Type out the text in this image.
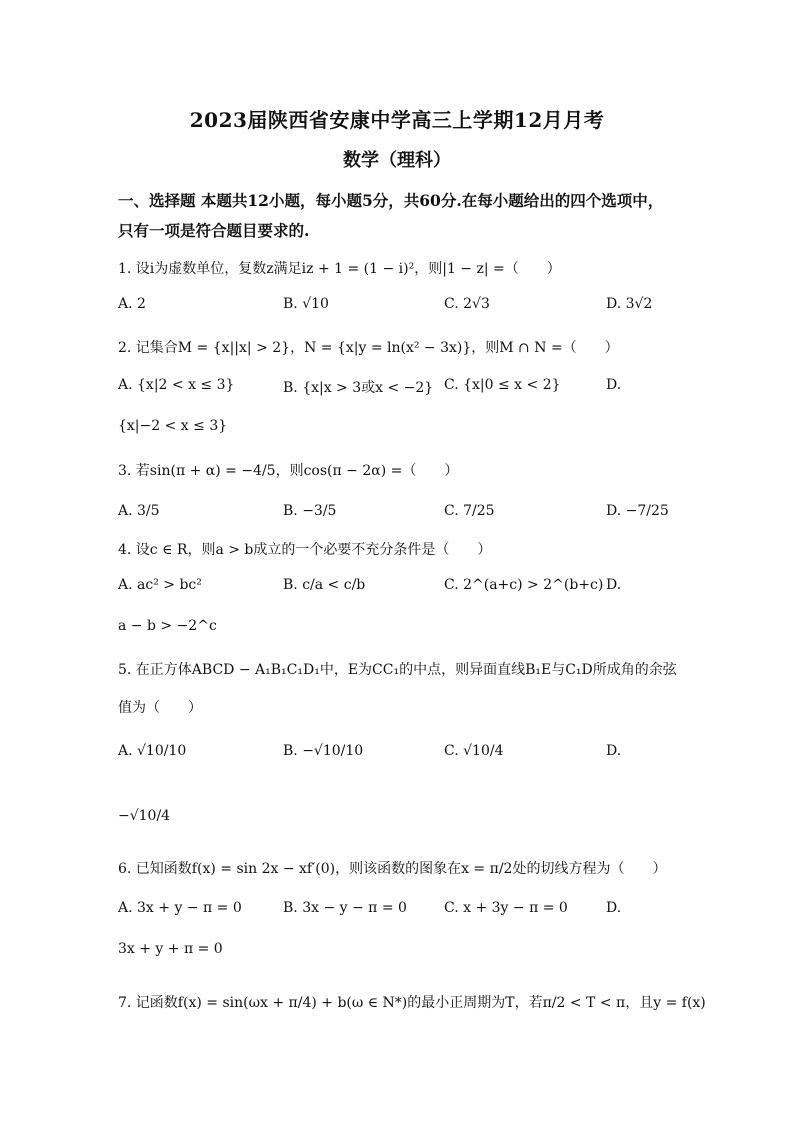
2023届陕西省安康中学高三上学期12月月考
数学（理科）
一、选择题 本题共12小题，每小题5分，共60分.在每小题给出的四个选项中，只有一项是符合题目要求的.
1. 设i为虚数单位，复数z满足iz + 1 = (1 − i)²，则|1 − z| =（　　）
A. 2	B. √10	C. 2√3	D. 3√2
2. 记集合M = {x||x| > 2}，N = {x|y = ln(x² − 3x)}，则M ∩ N =（　　）
A. {x|2 < x ≤ 3}	B. {x|x > 3或x < −2} C. {x|0 ≤ x < 2}	D.
{x|−2 < x ≤ 3}
3. 若sin(π + α) = −4/5，则cos(π − 2α) =（　　）
A. 3/5	B. −3/5	C. 7/25	D. −7/25
4. 设c ∈ R，则a > b成立的一个必要不充分条件是（　　）
A. ac² > bc²	B. c/a < c/b	C. 2^(a+c) > 2^(b+c) D.
a − b > −2^c
5. 在正方体ABCD − A₁B₁C₁D₁中，E为CC₁的中点，则异面直线B₁E与C₁D所成角的余弦
值为（　　）
A. √10/10	B. −√10/10	C. √10/4	D.
−√10/4
6. 已知函数f(x) = sin 2x − xf′(0)，则该函数的图象在x = π/2处的切线方程为（　　）
A. 3x + y − π = 0	B. 3x − y − π = 0	C. x + 3y − π = 0	D.
3x + y + π = 0
7. 记函数f(x) = sin(ωx + π/4) + b(ω ∈ N*)的最小正周期为T，若π/2 < T < π，且y = f(x)
